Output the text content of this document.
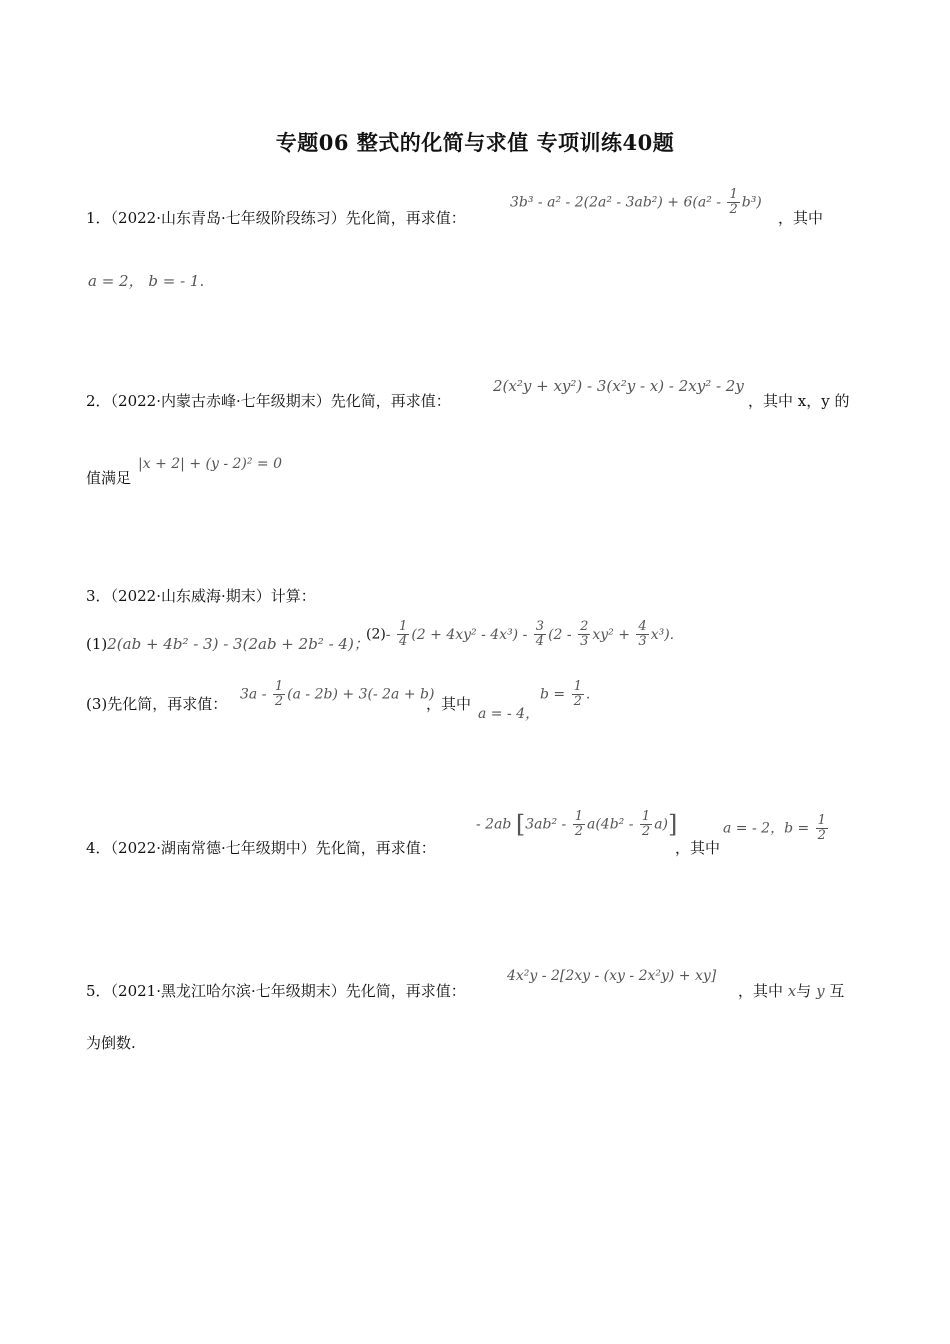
专题06 整式的化简与求值 专项训练40题
1．（2022·山东青岛·七年级阶段练习）先化简，再求值：
$3b^3 - a^2 - 2(2a^2 - 3ab^2) + 6(a^2 - \frac{1}{2} b^3)$
，其中
a = 2， b = - 1.
2．（2022·内蒙古赤峰·七年级期末）先化简，再求值：
2(x²y + xy²) - 3(x²y - x) - 2xy² - 2y
，其中 x，y 的
值满足
|x + 2| + (y - 2)² = 0
3．（2022·山东威海·期末）计算：
(1)2(ab + 4b² - 3) - 3(2ab + 2b² - 4)；
$(2)- \frac{1}{4} (2 + 4xy^2 - 4x^3) - \frac{3}{4} (2 - \frac{2}{3} xy^2 + \frac{4}{3} x^3)$.
(3)先化简，再求值：
$3a - \frac{1}{2} (a - 2b) + 3(-$ 2a + b)
，其中
a = - 4，
$b = \frac{1}{2}$ .
4．（2022·湖南常德·七年级期中）先化简，再求值：
- 2ab $[3ab^2 - \frac{1}{2} a(4b^2 - \frac{1}{2} a)]$
，其中
a = - 2，$b = \frac{1}{2}$
5．（2021·黑龙江哈尔滨·七年级期末）先化简，再求值：
4x²y - 2[2xy - (xy - 2x²y) + xy]
，其中 x与 y 互
为倒数.
